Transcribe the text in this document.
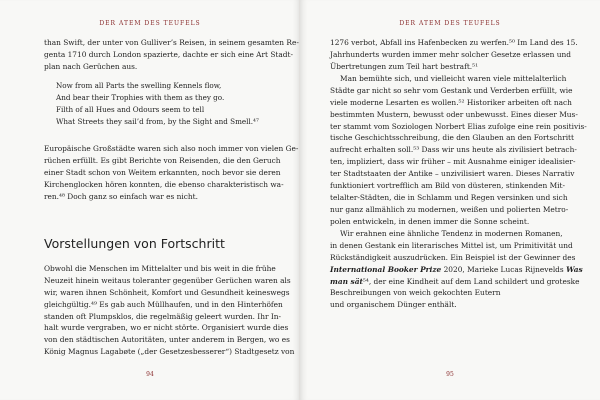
DER ATEM DES TEUFELS
than Swift, der unter von Gulliver’s Reisen, in seinem gesamten Re-
genta 1710 durch London spazierte, dachte er sich eine Art Stadt-
plan nach Gerüchen aus.
Now from all Parts the swelling Kennels flow,
And bear their Trophies with them as they go.
Filth of all Hues and Odours seem to tell
What Streets they sail’d from, by the Sight and Smell.⁴⁷
Europäische Großstädte waren sich also noch immer von vielen Ge-
rüchen erfüllt. Es gibt Berichte von Reisenden, die den Geruch
einer Stadt schon von Weitem erkannten, noch bevor sie deren
Kirchenglocken hören konnten, die ebenso charakteristisch wa-
ren.⁴⁸ Doch ganz so einfach war es nicht.
Vorstellungen von Fortschritt
Obwohl die Menschen im Mittelalter und bis weit in die frühe
Neuzeit hinein weitaus toleranter gegenüber Gerüchen waren als
wir, waren ihnen Schönheit, Komfort und Gesundheit keineswegs
gleichgültig.⁴⁹ Es gab auch Müllhaufen, und in den Hinterhöfen
standen oft Plumpsklos, die regelmäßig geleert wurden. Ihr In-
halt wurde vergraben, wo er nicht störte. Organisiert wurde dies
von den städtischen Autoritäten, unter anderem in Bergen, wo es
König Magnus Lagabøte („der Gesetzesbesserer“) Stadtgesetz von
94
DER ATEM DES TEUFELS
1276 verbot, Abfall ins Hafenbecken zu werfen.⁵⁰ Im Land des 15.
Jahrhunderts wurden immer mehr solcher Gesetze erlassen und
Übertretungen zum Teil hart bestraft.⁵¹
Man bemühte sich, und vielleicht waren viele mittelalterlich
Städte gar nicht so sehr vom Gestank und Verderben erfüllt, wie
viele moderne Lesarten es wollen.⁵² Historiker arbeiten oft nach
bestimmten Mustern, bewusst oder unbewusst. Eines dieser Mus-
ter stammt vom Soziologen Norbert Elias zufolge eine rein positivis-
tische Geschichtsschreibung, die den Glauben an den Fortschritt
aufrecht erhalten soll.⁵³ Dass wir uns heute als zivilisiert betrach-
ten, impliziert, dass wir früher – mit Ausnahme einiger idealisier-
ter Stadtstaaten der Antike – unzivilisiert waren. Dieses Narrativ
funktioniert vortrefflich am Bild von düsteren, stinkenden Mit-
telalter-Städten, die in Schlamm und Regen versinken und sich
nur ganz allmählich zu modernen, weißen und polierten Metro-
polen entwickeln, in denen immer die Sonne scheint.
Wir erahnen eine ähnliche Tendenz in modernen Romanen,
in denen Gestank ein literarisches Mittel ist, um Primitivität und
Rückständigkeit auszudrücken. Ein Beispiel ist der Gewinner des
International Booker Prize 2020, Marieke Lucas Rijnevelds Was
man sät⁵⁴, der eine Kindheit auf dem Land schildert und groteske
Beschreibungen von weich gekochten Eutern
und organischem Dünger enthält.
95
